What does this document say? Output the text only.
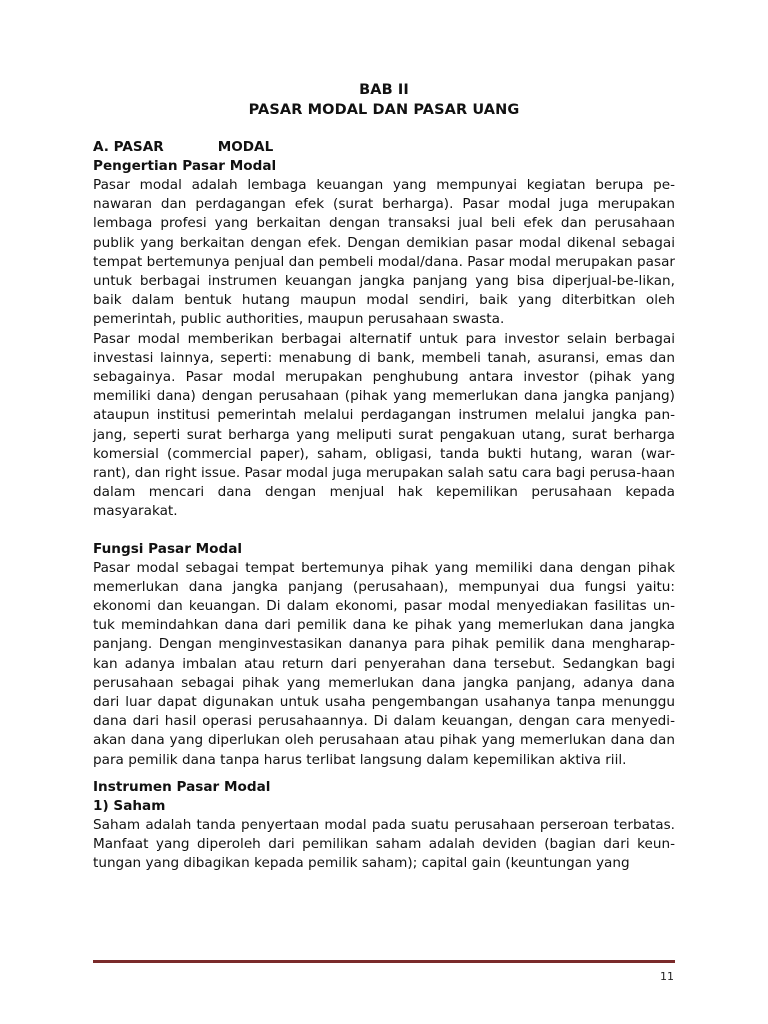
BAB II
PASAR MODAL DAN PASAR UANG
A. PASAR	MODAL
Pengertian Pasar Modal

Pasar modal adalah lembaga keuangan yang mempunyai kegiatan berupa pe-nawaran dan perdagangan efek (surat berharga). Pasar modal juga merupakan lembaga profesi yang berkaitan dengan transaksi jual beli efek dan perusahaan publik yang berkaitan dengan efek. Dengan demikian pasar modal dikenal sebagai tempat bertemunya penjual dan pembeli modal/dana. Pasar modal merupakan pasar untuk berbagai instrumen keuangan jangka panjang yang bisa diperjual-be-likan, baik dalam bentuk hutang maupun modal sendiri, baik yang diterbitkan oleh pemerintah, public authorities, maupun perusahaan swasta.

Pasar modal memberikan berbagai alternatif untuk para investor selain berbagai investasi lainnya, seperti: menabung di bank, membeli tanah, asuransi, emas dan sebagainya. Pasar modal merupakan penghubung antara investor (pihak yang memiliki dana) dengan perusahaan (pihak yang memerlukan dana jangka panjang) ataupun institusi pemerintah melalui perdagangan instrumen melalui jangka pan-jang, seperti surat berharga yang meliputi surat pengakuan utang, surat berharga komersial (commercial paper), saham, obligasi, tanda bukti hutang, waran (war-rant), dan right issue. Pasar modal juga merupakan salah satu cara bagi perusa-haan dalam mencari dana dengan menjual hak kepemilikan perusahaan kepada masyarakat.

Fungsi Pasar Modal

Pasar modal sebagai tempat bertemunya pihak yang memiliki dana dengan pihak memerlukan dana jangka panjang (perusahaan), mempunyai dua fungsi yaitu: ekonomi dan keuangan. Di dalam ekonomi, pasar modal menyediakan fasilitas un-tuk memindahkan dana dari pemilik dana ke pihak yang memerlukan dana jangka panjang. Dengan menginvestasikan dananya para pihak pemilik dana mengharap-kan adanya imbalan atau return dari penyerahan dana tersebut. Sedangkan bagi perusahaan sebagai pihak yang memerlukan dana jangka panjang, adanya dana dari luar dapat digunakan untuk usaha pengembangan usahanya tanpa menunggu dana dari hasil operasi perusahaannya. Di dalam keuangan, dengan cara menyedi-akan dana yang diperlukan oleh perusahaan atau pihak yang memerlukan dana dan para pemilik dana tanpa harus terlibat langsung dalam kepemilikan aktiva riil.

Instrumen Pasar Modal
1) Saham

Saham adalah tanda penyertaan modal pada suatu perusahaan perseroan terbatas. Manfaat yang diperoleh dari pemilikan saham adalah deviden (bagian dari keun-tungan yang dibagikan kepada pemilik saham); capital gain (keuntungan yang

11
